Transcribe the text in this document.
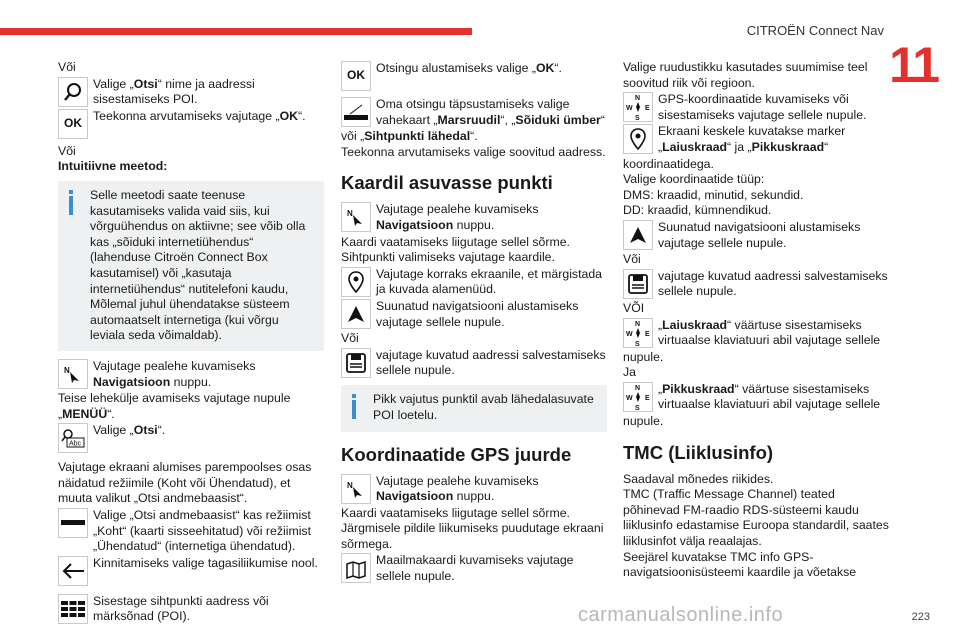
CITROËN Connect Nav
11

Või

Valige „Otsi“ nime ja aadressi sisestamiseks POI.
OK
Teekonna arvutamiseks vajutage „OK“.

Või

Intuitiivne meetod:

Selle meetodi saate teenuse kasutamiseks valida vaid siis, kui võrguühendus on aktiivne; see võib olla kas „sõiduki internetiühendus“ (lahenduse Citroën Connect Box kasutamisel) või „kasutaja internetiühendus“ nutitelefoni kaudu, Mõlemal juhul ühendatakse süsteem automaatselt internetiga (kui võrgu leviala seda võimaldab).
N Vajutage pealehe kuvamiseks Navigatsioon nuppu.

Teise lehekülje avamiseks vajutage nupule „MENÜÜ“.

Abc
Valige „Otsi“.

Vajutage ekraani alumises parempoolses osas näidatud režiimile (Koht või Ühendatud), et muuta valikut „Otsi andmebaasist“.

Valige „Otsi andmebaasist“ kas režiimist „Koht“ (kaarti sisseehitatud) või režiimist „Ühendatud“ (internetiga ühendatud).
Kinnitamiseks valige tagasiliikumise nool.
Sisestage sihtpunkti aadress või märksõnad (POI).
OK
Otsingu alustamiseks valige „OK“.
Oma otsingu täpsustamiseks valige vahekaart „Marsruudil“, „Sõiduki ümber“

või „Sihtpunkti lähedal“.

Teekonna arvutamiseks valige soovitud aadress.

Kaardil asuvasse punkti
N Vajutage pealehe kuvamiseks Navigatsioon nuppu.

Kaardi vaatamiseks liigutage sellel sõrme.

Sihtpunkti valimiseks vajutage kaardile.

Vajutage korraks ekraanile, et märgistada ja kuvada alamenüüd.
Suunatud navigatsiooni alustamiseks vajutage sellele nupule.

Või

vajutage kuvatud aadressi salvestamiseks sellele nupule.
Pikk vajutus punktil avab lähedalasuvate POI loetelu.
Koordinaatide GPS juurde
N Vajutage pealehe kuvamiseks Navigatsioon nuppu.

Kaardi vaatamiseks liigutage sellel sõrme.

Järgmisele pildile liikumiseks puudutage ekraani sõrmega.

Maailmakaardi kuvamiseks vajutage sellele nupule.

Valige ruudustikku kasutades suumimise teel soovitud riik või regioon.

N
W E
S
GPS-koordinaatide kuvamiseks või sisestamiseks vajutage sellele nupule.
Ekraani keskele kuvatakse marker „Laiuskraad“ ja „Pikkuskraad“

koordinaatidega.

Valige koordinaatide tüüp:

DMS: kraadid, minutid, sekundid.

DD: kraadid, kümnendikud.

Suunatud navigatsiooni alustamiseks vajutage sellele nupule.

Või

vajutage kuvatud aadressi salvestamiseks sellele nupule.

VÕI

N
W E
S
„Laiuskraad“ väärtuse sisestamiseks virtuaalse klaviatuuri abil vajutage sellele

nupule.

Ja

N
W E
S
„Pikkuskraad“ väärtuse sisestamiseks virtuaalse klaviatuuri abil vajutage sellele

nupule.

TMC (Liiklusinfo)

Saadaval mõnedes riikides.

TMC (Traffic Message Channel) teated põhinevad FM-raadio RDS-süsteemi kaudu liiklusinfo edastamise Euroopa standardil, saates liiklusinfot välja reaalajas.

Seejärel kuvatakse TMC info GPS-navigatsioonisüsteemi kaardile ja võetakse

carmanualsonline.info	223
